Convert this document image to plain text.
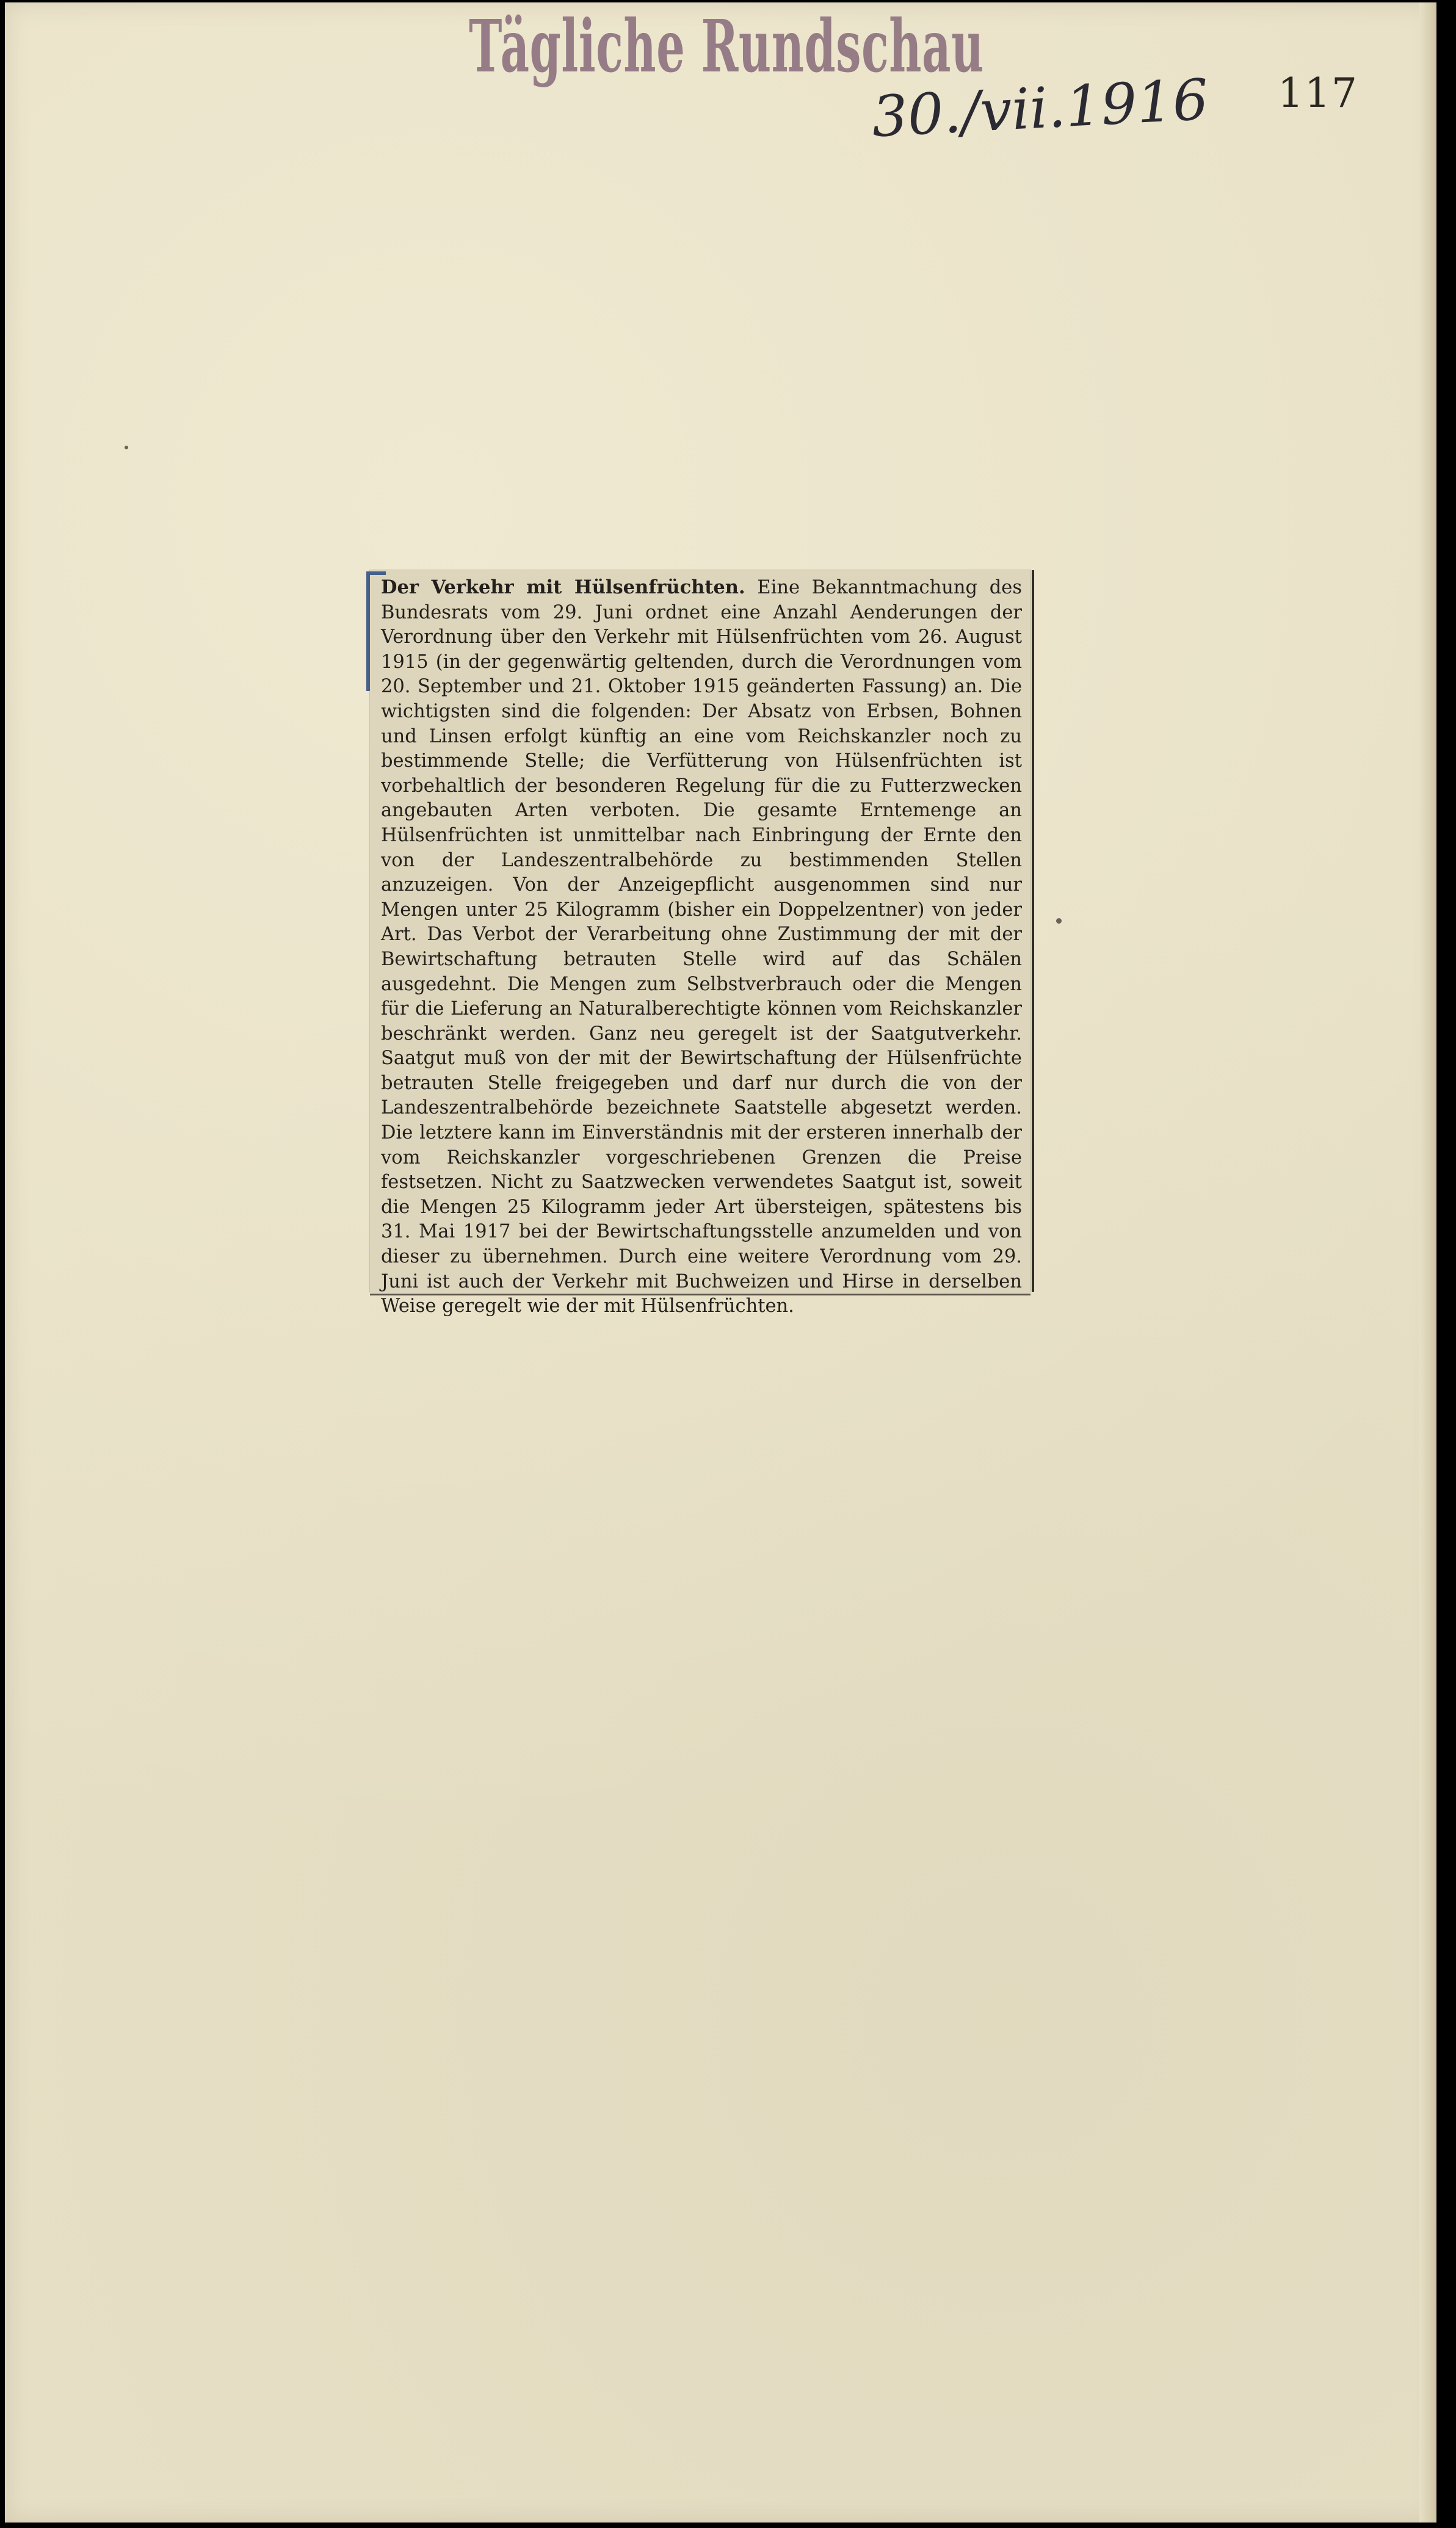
Tägliche Rundschau
30./vii.1916 117
Der Verkehr mit Hülsenfrüchten. Eine Bekanntmachung des Bundesrats vom 29. Juni ordnet eine Anzahl Aenderungen der Verordnung über den Verkehr mit Hülsenfrüchten vom 26. August 1915 (in der gegenwärtig geltenden, durch die Verordnungen vom 20. September und 21. Oktober 1915 geänderten Fassung) an. Die wichtigsten sind die folgenden: Der Absatz von Erbsen, Bohnen und Linsen erfolgt künftig an eine vom Reichskanzler noch zu bestimmende Stelle; die Verfütterung von Hülsenfrüchten ist vorbehaltlich der besonderen Regelung für die zu Futterzwecken angebauten Arten verboten. Die gesamte Erntemenge an Hülsenfrüchten ist unmittelbar nach Einbringung der Ernte den von der Landeszentralbehörde zu bestimmenden Stellen anzuzeigen. Von der Anzeigepflicht ausgenommen sind nur Mengen unter 25 Kilogramm (bisher ein Doppelzentner) von jeder Art. Das Verbot der Verarbeitung ohne Zustimmung der mit der Bewirtschaftung betrauten Stelle wird auf das Schälen ausgedehnt. Die Mengen zum Selbstverbrauch oder die Mengen für die Lieferung an Naturalberechtigte können vom Reichskanzler beschränkt werden. Ganz neu geregelt ist der Saatgutverkehr. Saatgut muß von der mit der Bewirtschaftung der Hülsenfrüchte betrauten Stelle freigegeben und darf nur durch die von der Landeszentralbehörde bezeichnete Saatstelle abgesetzt werden. Die letztere kann im Einverständnis mit der ersteren innerhalb der vom Reichskanzler vorgeschriebenen Grenzen die Preise festsetzen. Nicht zu Saatzwecken verwendetes Saatgut ist, soweit die Mengen 25 Kilogramm jeder Art übersteigen, spätestens bis 31. Mai 1917 bei der Bewirtschaftungsstelle anzumelden und von dieser zu übernehmen. Durch eine weitere Verordnung vom 29. Juni ist auch der Verkehr mit Buchweizen und Hirse in derselben Weise geregelt wie der mit Hülsenfrüchten.
